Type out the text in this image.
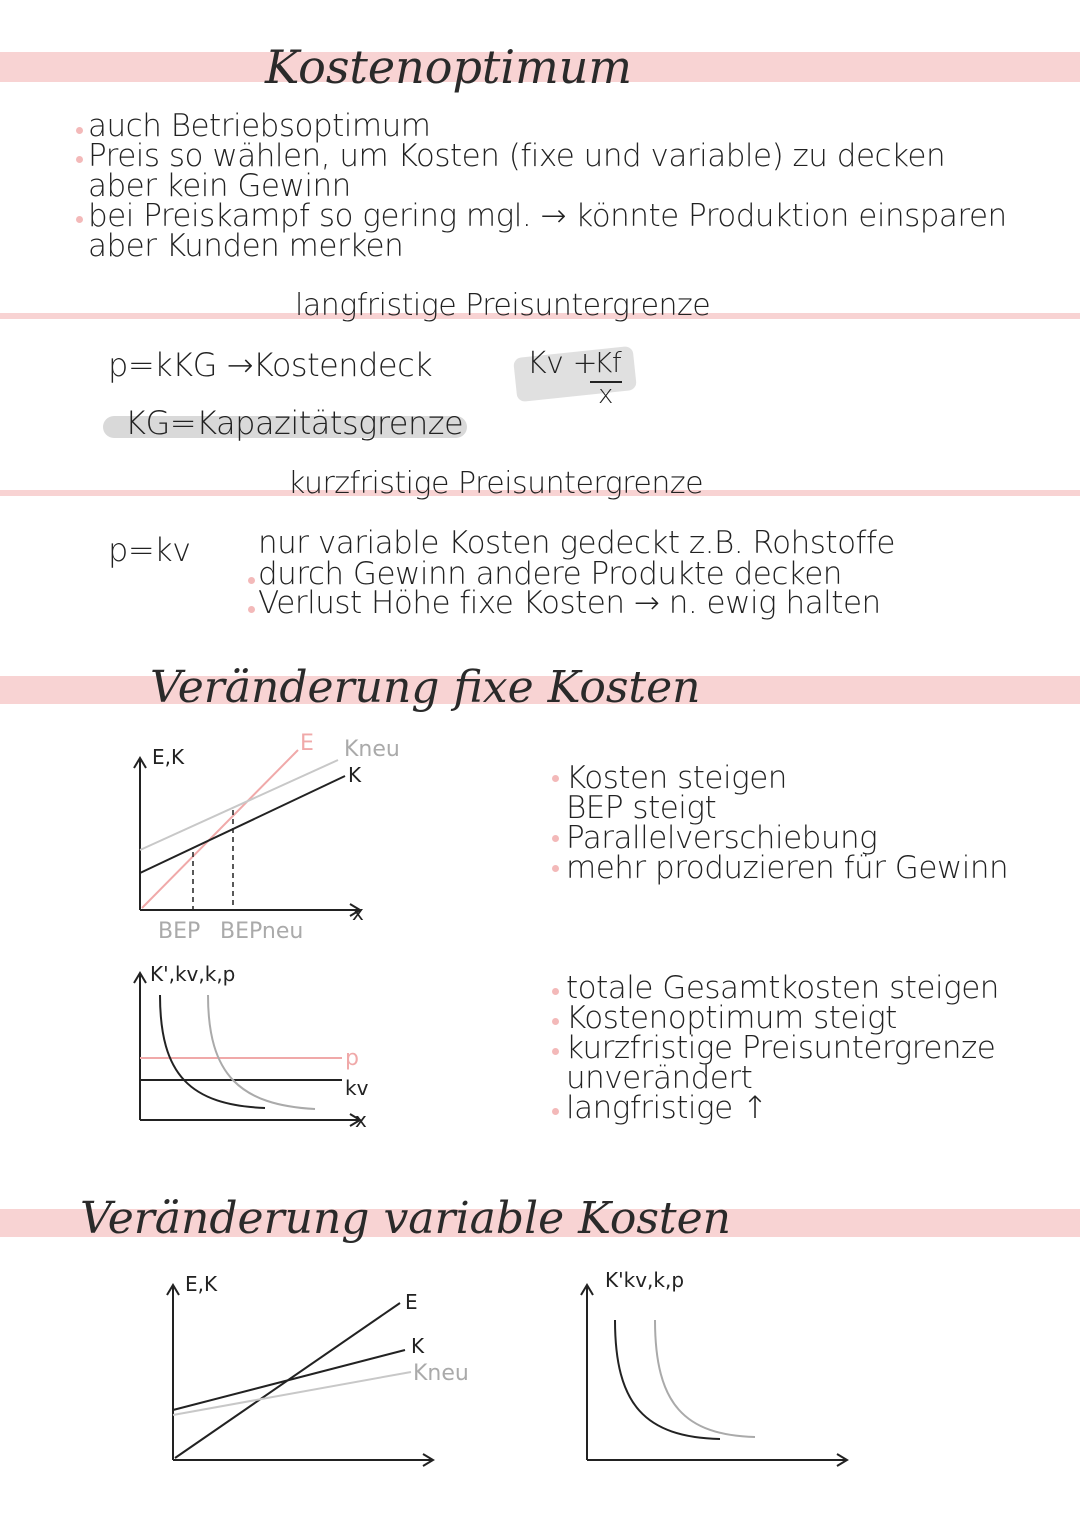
Kostenoptimum
auch Betriebsoptimum
Preis so wählen, um Kosten (fixe und variable) zu decken
aber kein Gewinn
bei Preiskampf so gering mgl. → könnte Produktion einsparen
aber Kunden merken
langfristige Preisuntergrenze
p=kKG →Kostendeck
KG=Kapazitätsgrenze
Kv +
Kf
x
kurzfristige Preisuntergrenze
p=kv nur variable Kosten gedeckt z.B. Rohstoffe
durch Gewinn andere Produkte decken
Verlust Höhe fixe Kosten → n. ewig halten
Veränderung fixe Kosten
E,K
x
E Kneu
K
BEP BEPneu
Kosten steigen
BEP steigt
Parallelverschiebung
mehr produzieren für Gewinn
K',kv,k,p
x
p
kv
totale Gesamtkosten steigen
Kostenoptimum steigt
kurzfristige Preisuntergrenze
unverändert
langfristige ↑
Veränderung variable Kosten
E,K
E
K
Kneu
K'kv,k,p
